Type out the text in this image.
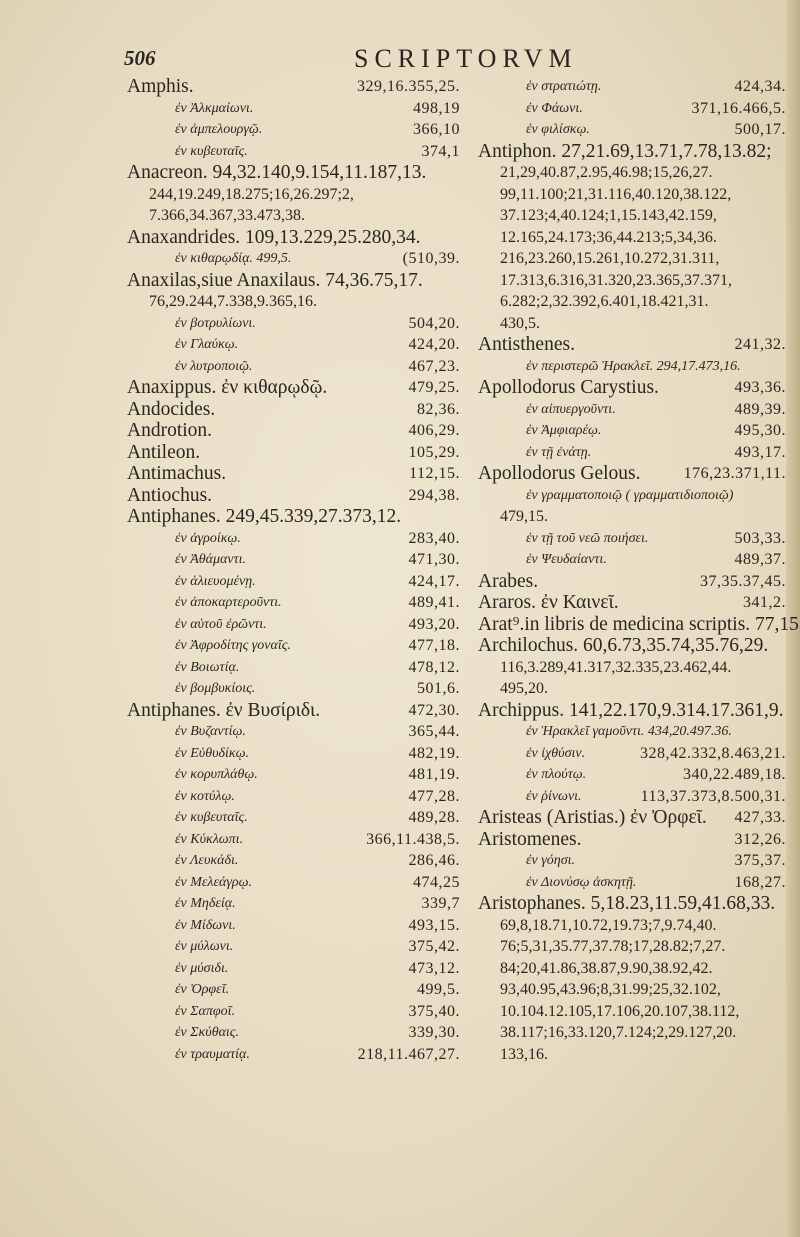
506	SCRIPTORVM
Amphis.	329,16.355,25.
ἐν Ἀλκμαίωνι.	498,19
ἐν ἀμπελουργῷ.	366,10
ἐν κυβευταῖς.	374,1
Anacreon. 94,32.140,9.154,11.187,13.
244,19.249,18.275;16,26.297;2,
7.366,34.367,33.473,38.
Anaxandrides. 109,13.229,25.280,34.
ἐν κιθαρῳδίᾳ. 499,5.	(510,39.
Anaxilas,siue Anaxilaus. 74,36.75,17.
76,29.244,7.338,9.365,16.
ἐν βοτρυλίωνι.	504,20.
ἐν Γλαύκῳ.	424,20.
ἐν λυτροποιῷ.	467,23.
Anaxippus. ἐν κιθαρῳδῷ.	479,25.
Andocides.	82,36.
Androtion.	406,29.
Antileon.	105,29.
Antimachus.	112,15.
Antiochus.	294,38.
Antiphanes. 249,45.339,27.373,12.
ἐν ἀγροίκῳ.	283,40.
ἐν Ἀθάμαντι.	471,30.
ἐν ἁλιευομένῃ.	424,17.
ἐν ἀποκαρτεροῦντι.	489,41.
ἐν αὑτοῦ ἐρῶντι.	493,20.
ἐν Ἀφροδίτης γοναῖς.	477,18.
ἐν Βοιωτίᾳ.	478,12.
ἐν βομβυκίοις.	501,6.
Antiphanes. ἐν Βυσίριδι.	472,30.
ἐν Βυζαντίῳ.	365,44.
ἐν Εὐθυδίκῳ.	482,19.
ἐν κορυπλάθῳ.	481,19.
ἐν κοτύλῳ.	477,28.
ἐν κυβευταῖς.	489,28.
ἐν Κύκλωπι.	366,11.438,5.
ἐν Λευκάδι.	286,46.
ἐν Μελεάγρῳ.	474,25
ἐν Μηδείᾳ.	339,7
ἐν Μίδωνι.	493,15.
ἐν μύλωνι.	375,42.
ἐν μύσιδι.	473,12.
ἐν Ὀρφεῖ.	499,5.
ἐν Σαπφοῖ.	375,40.
ἐν Σκύθαις.	339,30.
ἐν τραυματίᾳ.	218,11.467,27.
ἐν στρατιώτῃ.	424,34.
ἐν Φάωνι.	371,16.466,5.
ἐν φιλίσκῳ.	500,17.
Antiphon. 27,21.69,13.71,7.78,13.82;
21,29,40.87,2.95,46.98;15,26,27.
99,11.100;21,31.116,40.120,38.122,
37.123;4,40.124;1,15.143,42.159,
12.165,24.173;36,44.213;5,34,36.
216,23.260,15.261,10.272,31.311,
17.313,6.316,31.320,23.365,37.371,
6.282;2,32.392,6.401,18.421,31.
430,5.
Antisthenes.	241,32.
ἐν περιστερῶ Ἠρακλεῖ. 294,17.473,16.
Apollodorus Carystius.	493,36.
ἐν αἰπυεργοῦντι.	489,39.
ἐν Ἀμφιαρέῳ.	495,30.
ἐν τῇ ἐνάτῃ.	493,17.
Apollodorus Gelous.	176,23.371,11.
ἐν γραμματοποιῷ ( γραμματιδιοποιῷ)
479,15.
ἐν τῇ τοῦ νεῶ ποιήσει.	503,33.
ἐν Ψευδαίαντι.	489,37.
Arabes.	37,35.37,45.
Araros. ἐν Καινεῖ.	341,2.
Arat⁹.in libris de medicina scriptis. 77,15
Archilochus. 60,6.73,35.74,35.76,29.
116,3.289,41.317,32.335,23.462,44.
495,20.
Archippus. 141,22.170,9.314.17.361,9.
ἐν Ἡρακλεῖ γαμοῦντι. 434,20.497.36.
ἐν ἰχθύσιν.	328,42.332,8.463,21.
ἐν πλούτῳ.	340,22.489,18.
ἐν ῥίνωνι.	113,37.373,8.500,31.
Aristeas (Aristias.) ἐν Ὀρφεῖ. 427,33.
Aristomenes.	312,26.
ἐν γόησι.	375,37.
ἐν Διονύσῳ ἀσκητῇ.	168,27.
Aristophanes. 5,18.23,11.59,41.68,33.
69,8,18.71,10.72,19.73;7,9.74,40.
76;5,31,35.77,37.78;17,28.82;7,27.
84;20,41.86,38.87,9.90,38.92,42.
93,40.95,43.96;8,31.99;25,32.102,
10.104.12.105,17.106,20.107,38.112,
38.117;16,33.120,7.124;2,29.127,20.
133,16.
